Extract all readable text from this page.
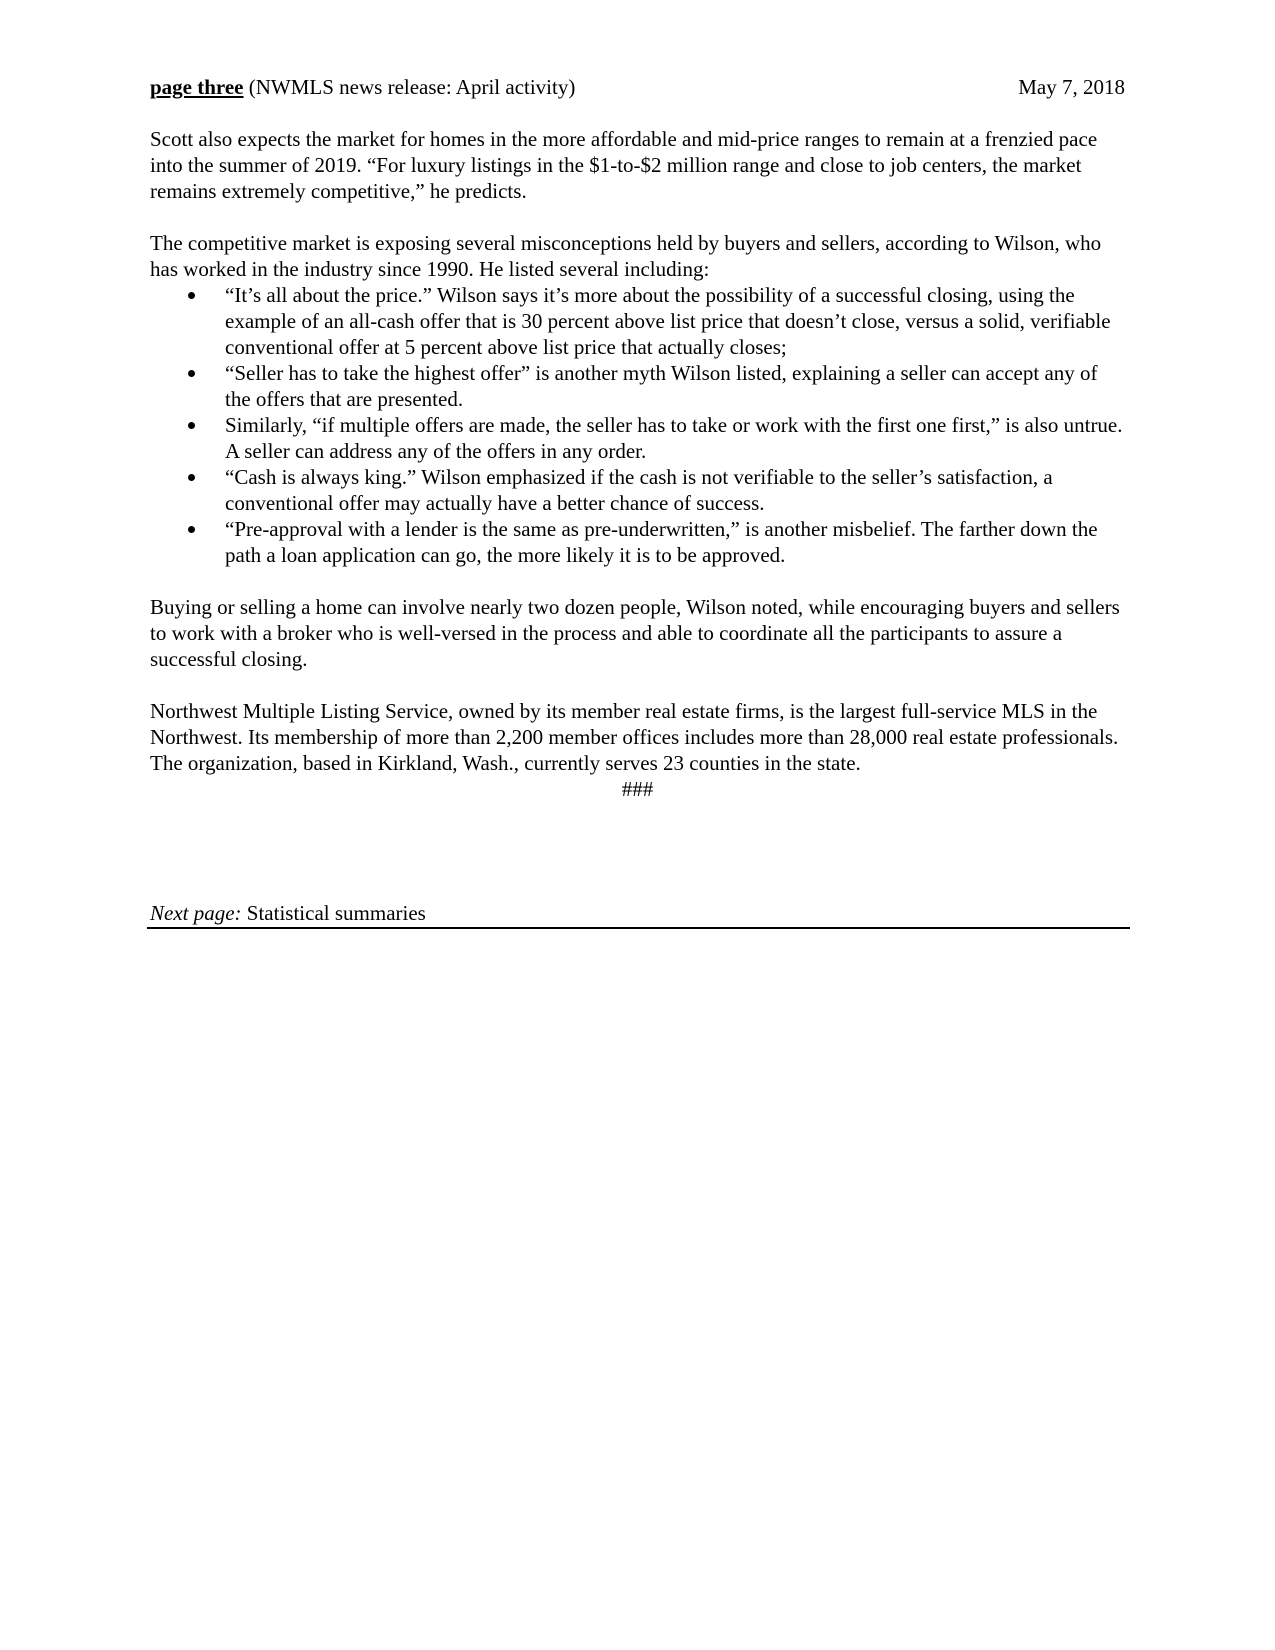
page three (NWMLS news release: April activity)	May 7, 2018

Scott also expects the market for homes in the more affordable and mid-price ranges to remain at a frenzied pace into the summer of 2019. “For luxury listings in the $1-to-$2 million range and close to job centers, the market remains extremely competitive,” he predicts.

The competitive market is exposing several misconceptions held by buyers and sellers, according to Wilson, who has worked in the industry since 1990. He listed several including:

“It’s all about the price.” Wilson says it’s more about the possibility of a successful closing, using the example of an all-cash offer that is 30 percent above list price that doesn’t close, versus a solid, verifiable conventional offer at 5 percent above list price that actually closes;
“Seller has to take the highest offer” is another myth Wilson listed, explaining a seller can accept any of the offers that are presented.
Similarly, “if multiple offers are made, the seller has to take or work with the first one first,” is also untrue. A seller can address any of the offers in any order.
“Cash is always king.” Wilson emphasized if the cash is not verifiable to the seller’s satisfaction, a conventional offer may actually have a better chance of success.
“Pre-approval with a lender is the same as pre-underwritten,” is another misbelief. The farther down the path a loan application can go, the more likely it is to be approved.

Buying or selling a home can involve nearly two dozen people, Wilson noted, while encouraging buyers and sellers to work with a broker who is well-versed in the process and able to coordinate all the participants to assure a successful closing.

Northwest Multiple Listing Service, owned by its member real estate firms, is the largest full-service MLS in the Northwest. Its membership of more than 2,200 member offices includes more than 28,000 real estate professionals. The organization, based in Kirkland, Wash., currently serves 23 counties in the state.

###
Next page: Statistical summaries
